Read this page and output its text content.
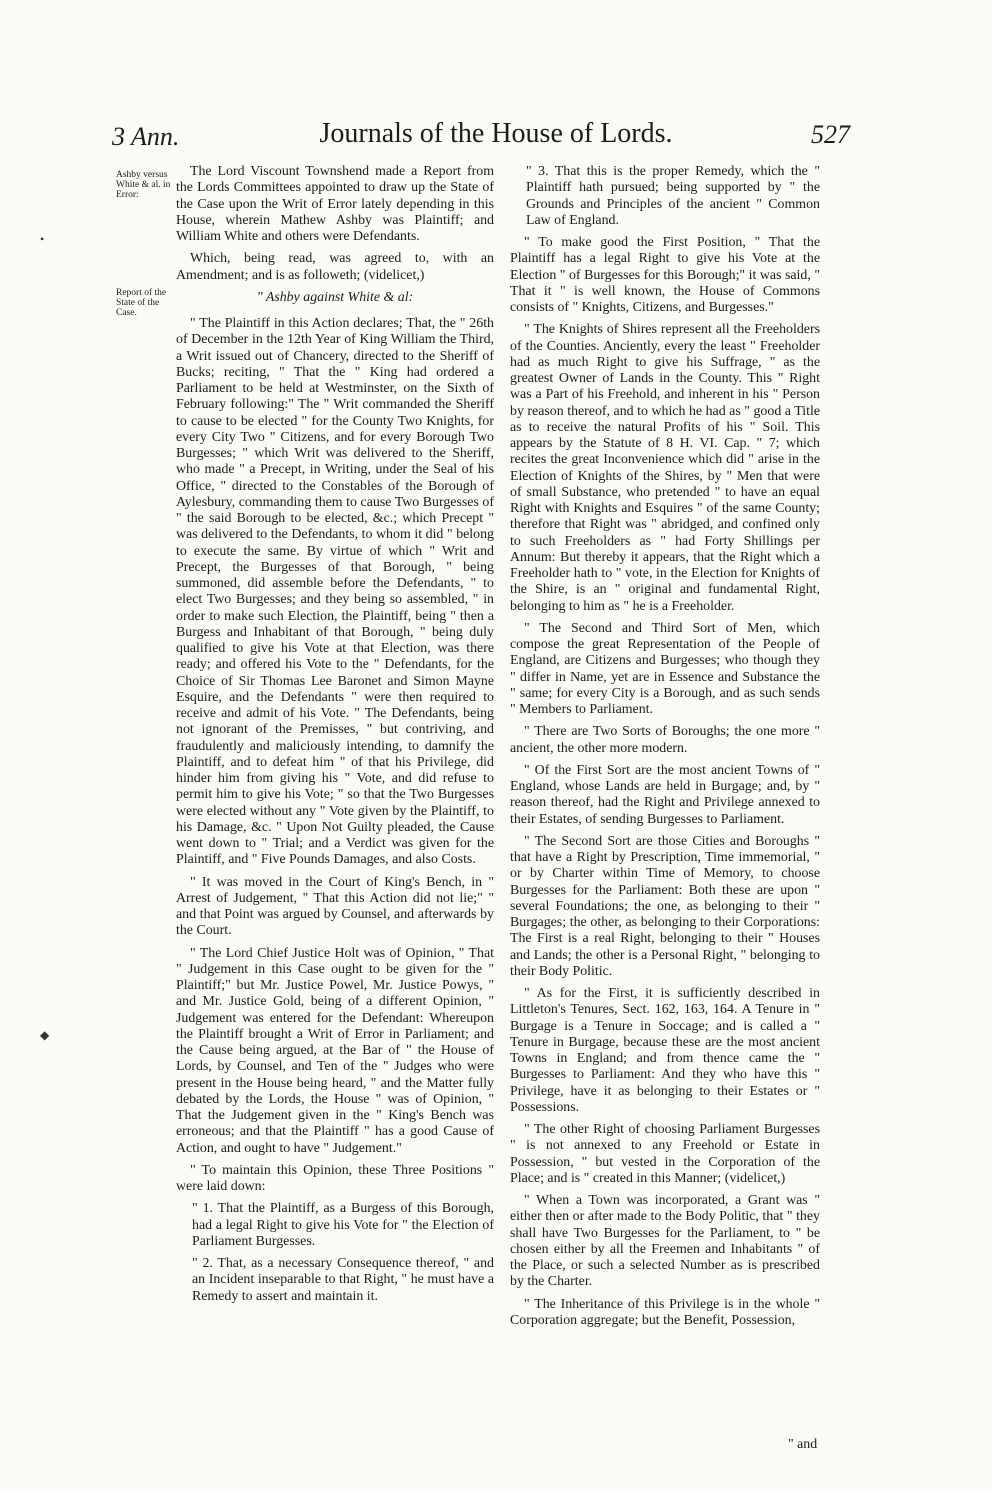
3 Ann.	Journals of the House of Lords.	527
Ashby versus White & al. in Error:
Report of the State of the Case.
•
◆

The Lord Viscount Townshend made a Report from the Lords Committees appointed to draw up the State of the Case upon the Writ of Error lately depending in this House, wherein Mathew Ashby was Plaintiff; and William White and others were Defendants.

Which, being read, was agreed to, with an Amendment; and is as followeth; (videlicet,)

" Ashby against White & al:

" The Plaintiff in this Action declares; That, the " 26th of December in the 12th Year of King William the Third, a Writ issued out of Chancery, directed to the Sheriff of Bucks; reciting, " That the " King had ordered a Parliament to be held at Westminster, on the Sixth of February following:" The " Writ commanded the Sheriff to cause to be elected " for the County Two Knights, for every City Two " Citizens, and for every Borough Two Burgesses; " which Writ was delivered to the Sheriff, who made " a Precept, in Writing, under the Seal of his Office, " directed to the Constables of the Borough of Aylesbury, commanding them to cause Two Burgesses of " the said Borough to be elected, &c.; which Precept " was delivered to the Defendants, to whom it did " belong to execute the same. By virtue of which " Writ and Precept, the Burgesses of that Borough, " being summoned, did assemble before the Defendants, " to elect Two Burgesses; and they being so assembled, " in order to make such Election, the Plaintiff, being " then a Burgess and Inhabitant of that Borough, " being duly qualified to give his Vote at that Election, was there ready; and offered his Vote to the " Defendants, for the Choice of Sir Thomas Lee Baronet and Simon Mayne Esquire, and the Defendants " were then required to receive and admit of his Vote. " The Defendants, being not ignorant of the Premisses, " but contriving, and fraudulently and maliciously intending, to damnify the Plaintiff, and to defeat him " of that his Privilege, did hinder him from giving his " Vote, and did refuse to permit him to give his Vote; " so that the Two Burgesses were elected without any " Vote given by the Plaintiff, to his Damage, &c. " Upon Not Guilty pleaded, the Cause went down to " Trial; and a Verdict was given for the Plaintiff, and " Five Pounds Damages, and also Costs.

" It was moved in the Court of King's Bench, in " Arrest of Judgement, " That this Action did not lie;" " and that Point was argued by Counsel, and afterwards by the Court.

" The Lord Chief Justice Holt was of Opinion, " That " Judgement in this Case ought to be given for the " Plaintiff;" but Mr. Justice Powel, Mr. Justice Powys, " and Mr. Justice Gold, being of a different Opinion, " Judgement was entered for the Defendant: Whereupon the Plaintiff brought a Writ of Error in Parliament; and the Cause being argued, at the Bar of " the House of Lords, by Counsel, and Ten of the " Judges who were present in the House being heard, " and the Matter fully debated by the Lords, the House " was of Opinion, " That the Judgement given in the " King's Bench was erroneous; and that the Plaintiff " has a good Cause of Action, and ought to have " Judgement."

" To maintain this Opinion, these Three Positions " were laid down:

" 1. That the Plaintiff, as a Burgess of this Borough, had a legal Right to give his Vote for " the Election of Parliament Burgesses.

" 2. That, as a necessary Consequence thereof, " and an Incident inseparable to that Right, " he must have a Remedy to assert and maintain it.

" 3. That this is the proper Remedy, which the " Plaintiff hath pursued; being supported by " the Grounds and Principles of the ancient " Common Law of England.

" To make good the First Position, " That the Plaintiff has a legal Right to give his Vote at the Election " of Burgesses for this Borough;" it was said, " That it " is well known, the House of Commons consists of " Knights, Citizens, and Burgesses."

" The Knights of Shires represent all the Freeholders of the Counties. Anciently, every the least " Freeholder had as much Right to give his Suffrage, " as the greatest Owner of Lands in the County. This " Right was a Part of his Freehold, and inherent in his " Person by reason thereof, and to which he had as " good a Title as to receive the natural Profits of his " Soil. This appears by the Statute of 8 H. VI. Cap. " 7; which recites the great Inconvenience which did " arise in the Election of Knights of the Shires, by " Men that were of small Substance, who pretended " to have an equal Right with Knights and Esquires " of the same County; therefore that Right was " abridged, and confined only to such Freeholders as " had Forty Shillings per Annum: But thereby it appears, that the Right which a Freeholder hath to " vote, in the Election for Knights of the Shire, is an " original and fundamental Right, belonging to him as " he is a Freeholder.

" The Second and Third Sort of Men, which compose the great Representation of the People of England, are Citizens and Burgesses; who though they " differ in Name, yet are in Essence and Substance the " same; for every City is a Borough, and as such sends " Members to Parliament.

" There are Two Sorts of Boroughs; the one more " ancient, the other more modern.

" Of the First Sort are the most ancient Towns of " England, whose Lands are held in Burgage; and, by " reason thereof, had the Right and Privilege annexed to their Estates, of sending Burgesses to Parliament.

" The Second Sort are those Cities and Boroughs " that have a Right by Prescription, Time immemorial, " or by Charter within Time of Memory, to choose Burgesses for the Parliament: Both these are upon " several Foundations; the one, as belonging to their " Burgages; the other, as belonging to their Corporations: The First is a real Right, belonging to their " Houses and Lands; the other is a Personal Right, " belonging to their Body Politic.

" As for the First, it is sufficiently described in Littleton's Tenures, Sect. 162, 163, 164. A Tenure in " Burgage is a Tenure in Soccage; and is called a " Tenure in Burgage, because these are the most ancient Towns in England; and from thence came the " Burgesses to Parliament: And they who have this " Privilege, have it as belonging to their Estates or " Possessions.

" The other Right of choosing Parliament Burgesses " is not annexed to any Freehold or Estate in Possession, " but vested in the Corporation of the Place; and is " created in this Manner; (videlicet,)

" When a Town was incorporated, a Grant was " either then or after made to the Body Politic, that " they shall have Two Burgesses for the Parliament, to " be chosen either by all the Freemen and Inhabitants " of the Place, or such a selected Number as is prescribed by the Charter.

" The Inheritance of this Privilege is in the whole " Corporation aggregate; but the Benefit, Possession,

" and
